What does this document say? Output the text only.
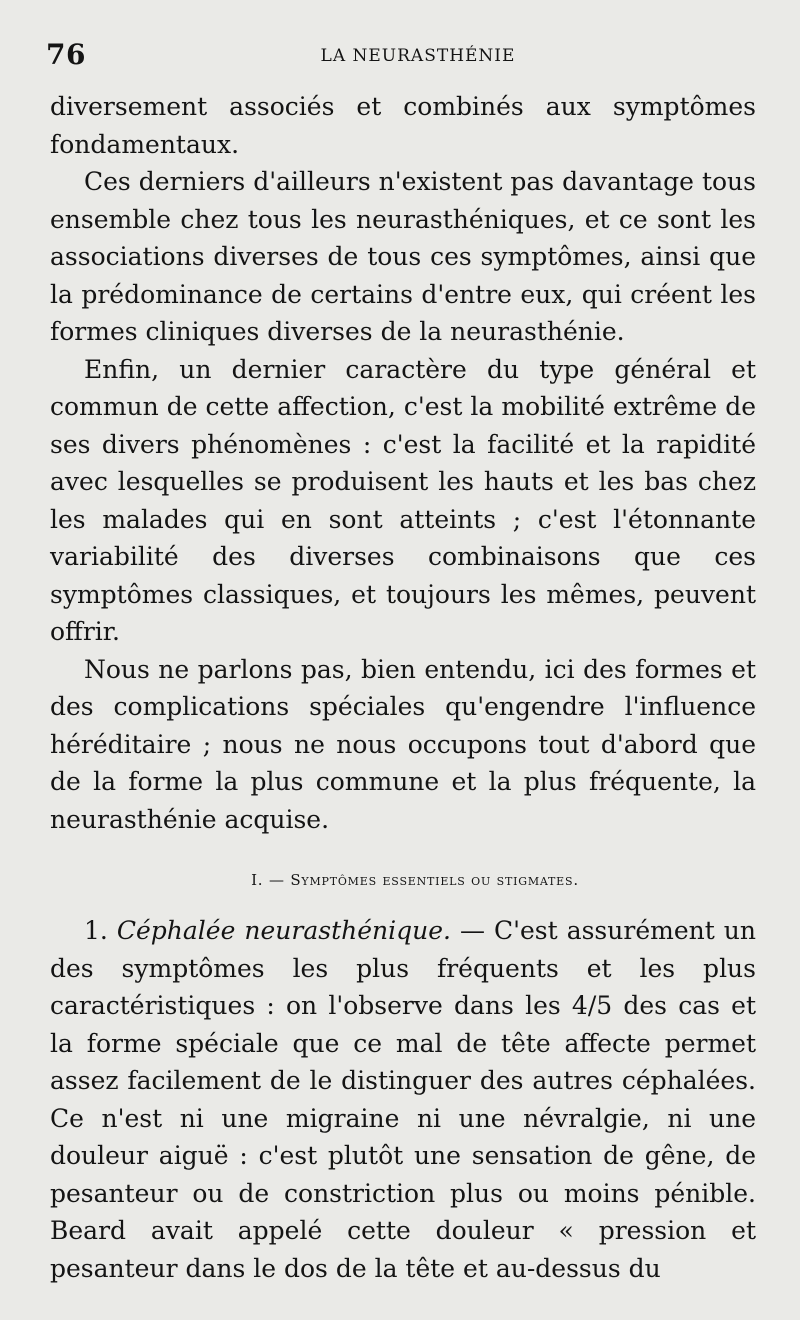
76	LA NEURASTHÉNIE

diversement associés et combinés aux symptômes fondamentaux.

Ces derniers d'ailleurs n'existent pas davantage tous ensemble chez tous les neurasthéniques, et ce sont les associations diverses de tous ces symptômes, ainsi que la prédominance de certains d'entre eux, qui créent les formes cliniques diverses de la neurasthénie.

Enfin, un dernier caractère du type général et commun de cette affection, c'est la mobilité extrême de ses divers phénomènes : c'est la facilité et la rapidité avec lesquelles se produisent les hauts et les bas chez les malades qui en sont atteints ; c'est l'étonnante variabilité des diverses combinaisons que ces symptômes classiques, et toujours les mêmes, peuvent offrir.

Nous ne parlons pas, bien entendu, ici des formes et des complications spéciales qu'engendre l'influence héréditaire ; nous ne nous occupons tout d'abord que de la forme la plus commune et la plus fréquente, la neurasthénie acquise.

I. — Symptômes essentiels ou stigmates.

1. Céphalée neurasthénique. — C'est assurément un des symptômes les plus fréquents et les plus caractéristiques : on l'observe dans les 4/5 des cas et la forme spéciale que ce mal de tête affecte permet assez facilement de le distinguer des autres céphalées. Ce n'est ni une migraine ni une névralgie, ni une douleur aiguë : c'est plutôt une sensation de gêne, de pesanteur ou de constriction plus ou moins pénible. Beard avait appelé cette douleur « pression et pesanteur dans le dos de la tête et au-dessus du
